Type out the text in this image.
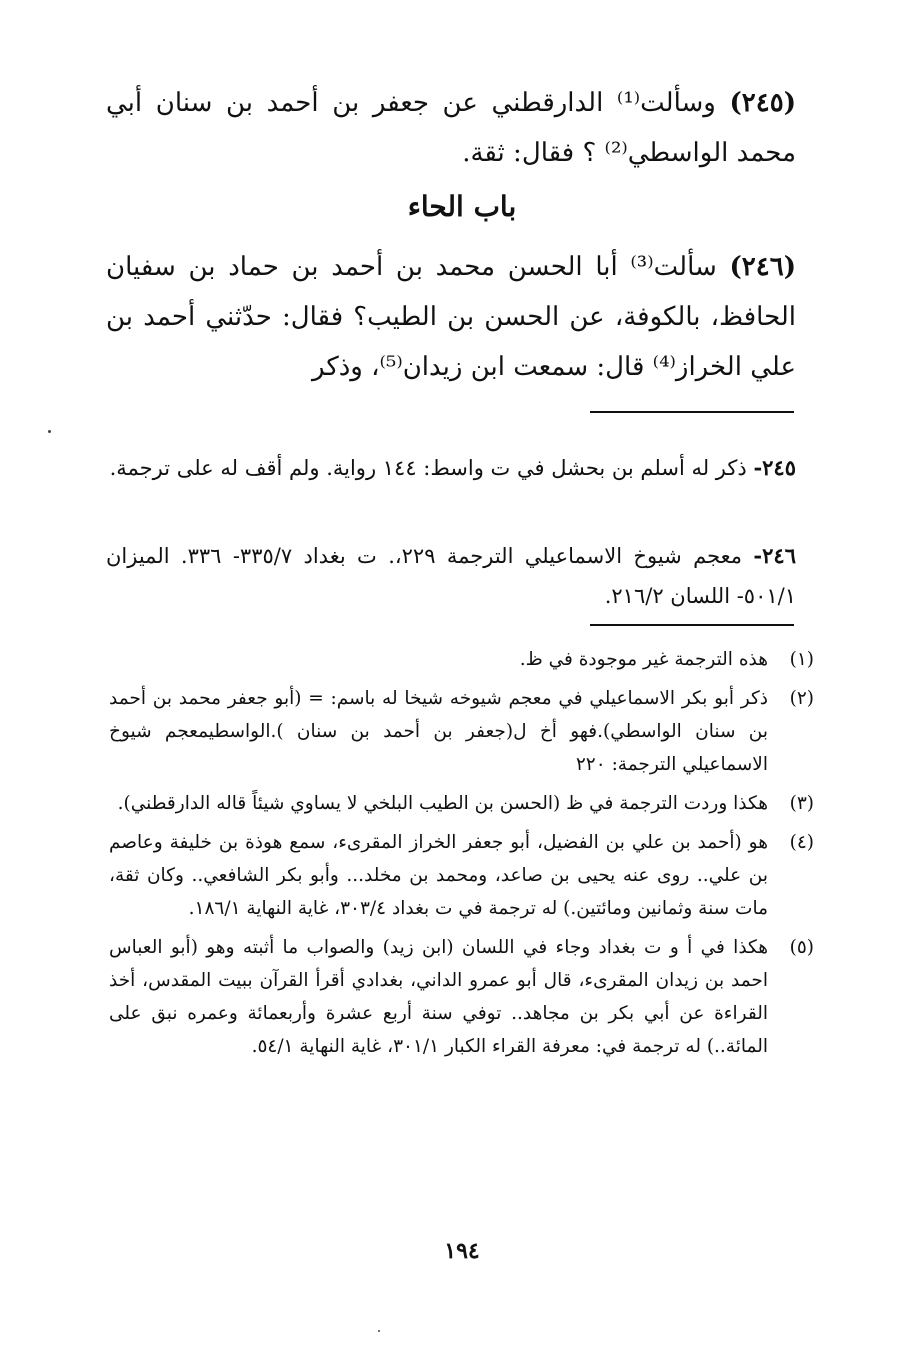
(٢٤٥) وسألت⁽¹⁾ الدارقطني عن جعفر بن أحمد بن سنان أبي محمد الواسطي⁽²⁾ ؟ فقال: ثقة.
باب الحاء
(٢٤٦) سألت⁽³⁾ أبا الحسن محمد بن أحمد بن حماد بن سفيان الحافظ، بالكوفة، عن الحسن بن الطيب؟ فقال: حدّثني أحمد بن علي الخراز⁽⁴⁾ قال: سمعت ابن زيدان⁽⁵⁾، وذكر
٢٤٥- ذكر له أسلم بن بحشل في ت واسط: ١٤٤ رواية. ولم أقف له على ترجمة.
٢٤٦- معجم شيوخ الاسماعيلي الترجمة ٢٢٩،. ت بغداد ٣٣٥/٧- ٣٣٦. الميزان ٥٠١/١- اللسان ٢١٦/٢.
(١)
هذه الترجمة غير موجودة في ظ.
(٢)
ذكر أبو بكر الاسماعيلي في معجم شيوخه شيخا له باسم: = (أبو جعفر محمد بن أحمد بن سنان الواسطي).فهو أخ ل(جعفر بن أحمد بن سنان ).الواسطيمعجم شيوخ الاسماعيلي الترجمة: ٢٢٠
(٣)
هكذا وردت الترجمة في ظ (الحسن بن الطيب البلخي لا يساوي شيئاً قاله الدارقطني).
(٤)
هو (أحمد بن علي بن الفضيل، أبو جعفر الخراز المقرىء، سمع هوذة بن خليفة وعاصم بن علي.. روى عنه يحيى بن صاعد، ومحمد بن مخلد... وأبو بكر الشافعي.. وكان ثقة، مات سنة وثمانين ومائتين.) له ترجمة في ت بغداد ٣٠٣/٤، غاية النهاية ١٨٦/١.
(٥)
هكذا في أ و ت بغداد وجاء في اللسان (ابن زيد) والصواب ما أثبته وهو (أبو العباس احمد بن زيدان المقرىء، قال أبو عمرو الداني، بغدادي أقرأ القرآن ببيت المقدس، أخذ القراءة عن أبي بكر بن مجاهد.. توفي سنة أربع عشرة وأربعمائة وعمره نبق على المائة..) له ترجمة في: معرفة القراء الكبار ٣٠١/١، غاية النهاية ٥٤/١.
١٩٤
